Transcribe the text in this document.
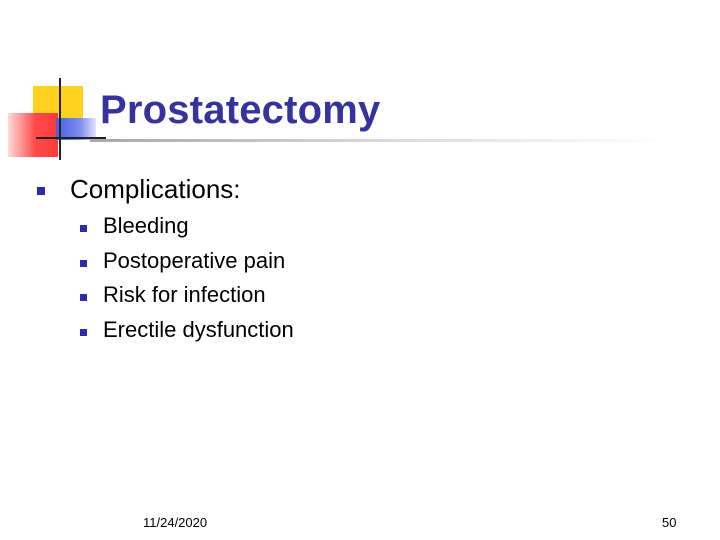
Prostatectomy
Complications:
Bleeding
Postoperative pain
Risk for infection
Erectile dysfunction
11/24/2020	50
